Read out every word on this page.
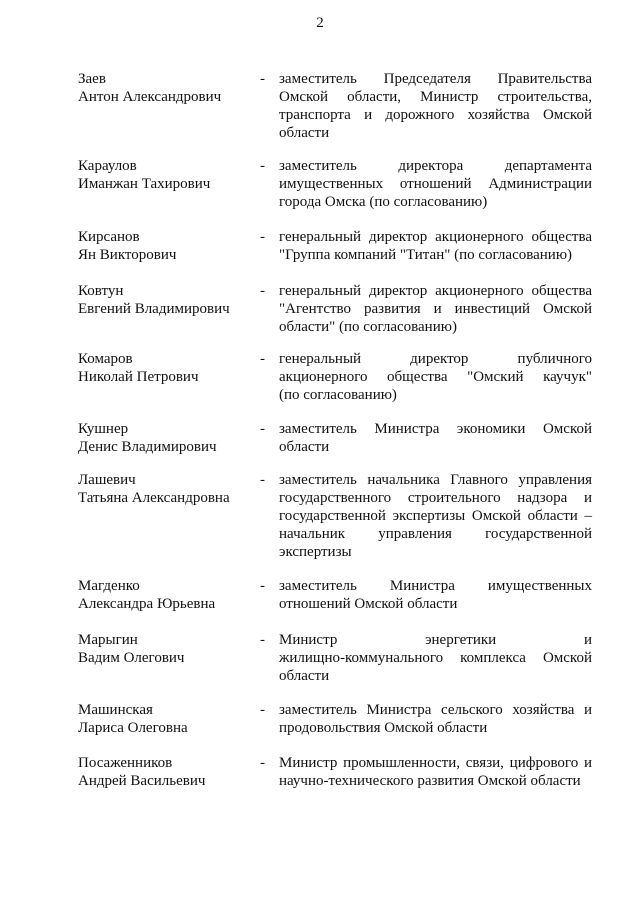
2
Заев
Антон Александрович
- заместитель Председателя Правительства
Омской области, Министр строительства,
транспорта и дорожного хозяйства Омской
области
Караулов
Иманжан Тахирович
- заместитель директора департамента
имущественных отношений Администрации
города Омска (по согласованию)
Кирсанов
Ян Викторович
- генеральный директор акционерного общества
"Группа компаний "Титан" (по согласованию)
Ковтун
Евгений Владимирович
- генеральный директор акционерного общества
"Агентство развития и инвестиций Омской
области" (по согласованию)
Комаров
Николай Петрович
- генеральный директор публичного
акционерного общества "Омский каучук"
(по согласованию)
Кушнер
Денис Владимирович
- заместитель Министра экономики Омской
области
Лашевич
Татьяна Александровна
- заместитель начальника Главного управления
государственного строительного надзора и
государственной экспертизы Омской области –
начальник управления государственной
экспертизы
Магденко
Александра Юрьевна
- заместитель Министра имущественных
отношений Омской области
Марыгин
Вадим Олегович
- Министр энергетики и
жилищно-коммунального комплекса Омской
области
Машинская
Лариса Олеговна
- заместитель Министра сельского хозяйства и
продовольствия Омской области
Посаженников
Андрей Васильевич
- Министр промышленности, связи, цифрового и
научно-технического развития Омской области
